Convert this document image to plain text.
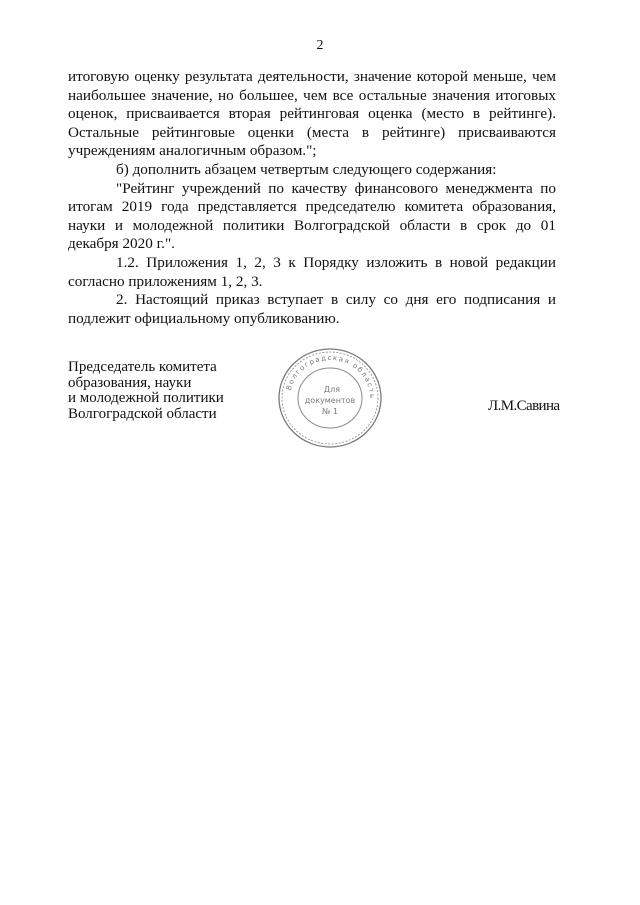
2

итоговую оценку результата деятельности, значение которой меньше, чем наибольшее значение, но большее, чем все остальные значения итоговых оценок, присваивается вторая рейтинговая оценка (место в рейтинге). Остальные рейтинговые оценки (места в рейтинге) присваиваются учреждениям аналогичным образом.";

б) дополнить абзацем четвертым следующего содержания:

"Рейтинг учреждений по качеству финансового менеджмента по итогам 2019 года представляется председателю комитета образования, науки и молодежной политики Волгоградской области в срок до 01 декабря 2020 г.".

1.2. Приложения 1, 2, 3 к Порядку изложить в новой редакции согласно приложениям 1, 2, 3.

2. Настоящий приказ вступает в силу со дня его подписания и подлежит официальному опубликованию.

Председатель комитета
образования, науки
и молодежной политики
Волгоградской области
Волгоградская область
Для
документов
№ 1	Л.М.Савина
